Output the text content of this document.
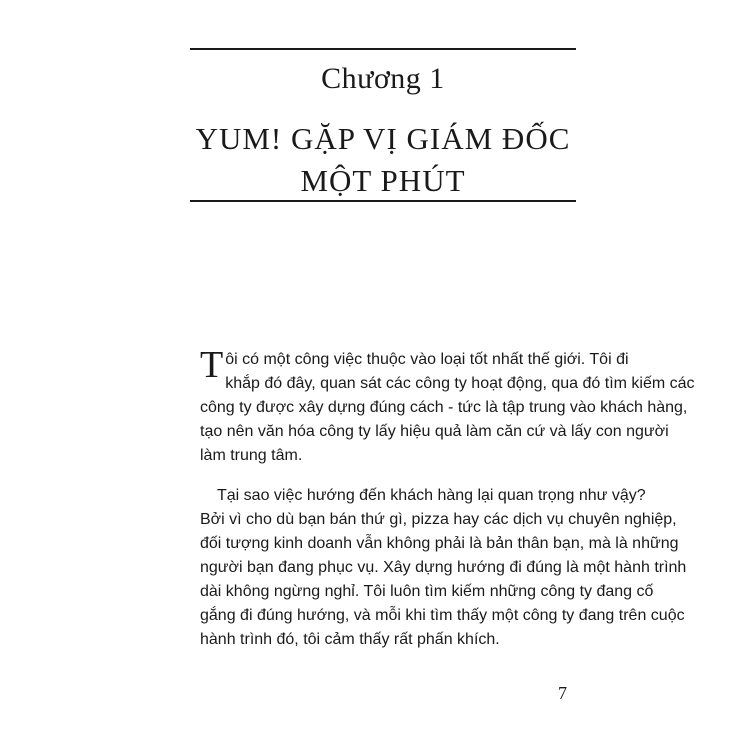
Chương 1
YUM! GẶP VỊ GIÁM ĐỐC
MỘT PHÚT

T ôi có một công việc thuộc vào loại tốt nhất thế giới. Tôi đi
khắp đó đây, quan sát các công ty hoạt động, qua đó tìm kiếm các
công ty được xây dựng đúng cách - tức là tập trung vào khách hàng,
tạo nên văn hóa công ty lấy hiệu quả làm căn cứ và lấy con người
làm trung tâm.

Tại sao việc hướng đến khách hàng lại quan trọng như vậy?
Bởi vì cho dù bạn bán thứ gì, pizza hay các dịch vụ chuyên nghiệp,
đối tượng kinh doanh vẫn không phải là bản thân bạn, mà là những
người bạn đang phục vụ. Xây dựng hướng đi đúng là một hành trình
dài không ngừng nghỉ. Tôi luôn tìm kiếm những công ty đang cố
gắng đi đúng hướng, và mỗi khi tìm thấy một công ty đang trên cuộc
hành trình đó, tôi cảm thấy rất phấn khích.

7
